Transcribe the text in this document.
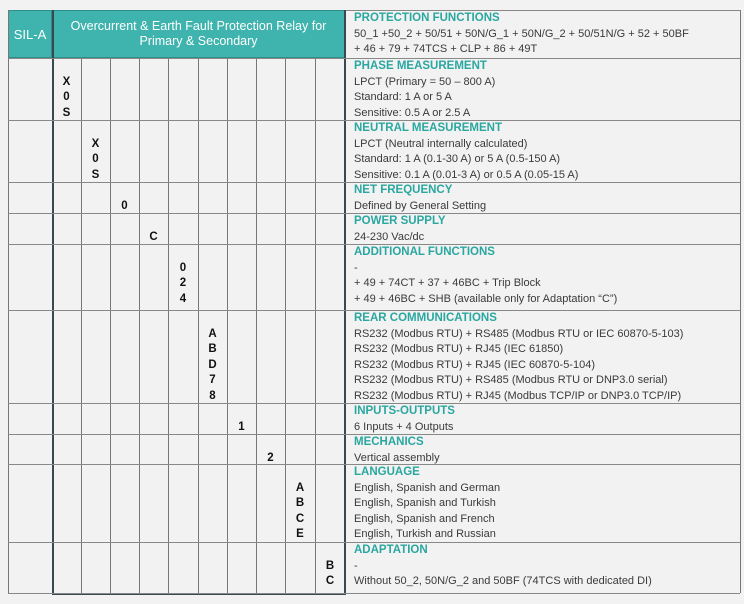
SIL-A
Overcurrent & Earth Fault Protection Relay for Primary & Secondary
PROTECTION FUNCTIONS
50_1 +50_2 + 50/51 + 50N/G_1 + 50N/G_2 + 50/51N/G + 52 + 50BF
+ 46 + 79 + 74TCS + CLP + 86 + 49T
PHASE MEASUREMENT
LPCT (Primary = 50 – 800 A)
Standard: 1 A or 5 A
Sensitive: 0.5 A or 2.5 A
X
0
S
NEUTRAL MEASUREMENT
LPCT (Neutral internally calculated)
Standard: 1 A (0.1-30 A) or 5 A (0.5-150 A)
Sensitive: 0.1 A (0.01-3 A) or 0.5 A (0.05-15 A)
X
0
S
NET FREQUENCY
Defined by General Setting
0
POWER SUPPLY
24-230 Vac/dc
C
ADDITIONAL FUNCTIONS
-
+ 49 + 74CT + 37 + 46BC + Trip Block
+ 49 + 46BC + SHB (available only for Adaptation “C”)
0
2
4
REAR COMMUNICATIONS
RS232 (Modbus RTU) + RS485 (Modbus RTU or IEC 60870-5-103)
RS232 (Modbus RTU) + RJ45 (IEC 61850)
RS232 (Modbus RTU) + RJ45 (IEC 60870-5-104)
RS232 (Modbus RTU) + RS485 (Modbus RTU or DNP3.0 serial)
RS232 (Modbus RTU) + RJ45 (Modbus TCP/IP or DNP3.0 TCP/IP)
A
B
D
7
8
INPUTS-OUTPUTS
6 Inputs + 4 Outputs
1
MECHANICS
Vertical assembly
2
LANGUAGE
English, Spanish and German
English, Spanish and Turkish
English, Spanish and French
English, Turkish and Russian
A
B
C
E
ADAPTATION
-
Without 50_2, 50N/G_2 and 50BF (74TCS with dedicated DI)
B
C
